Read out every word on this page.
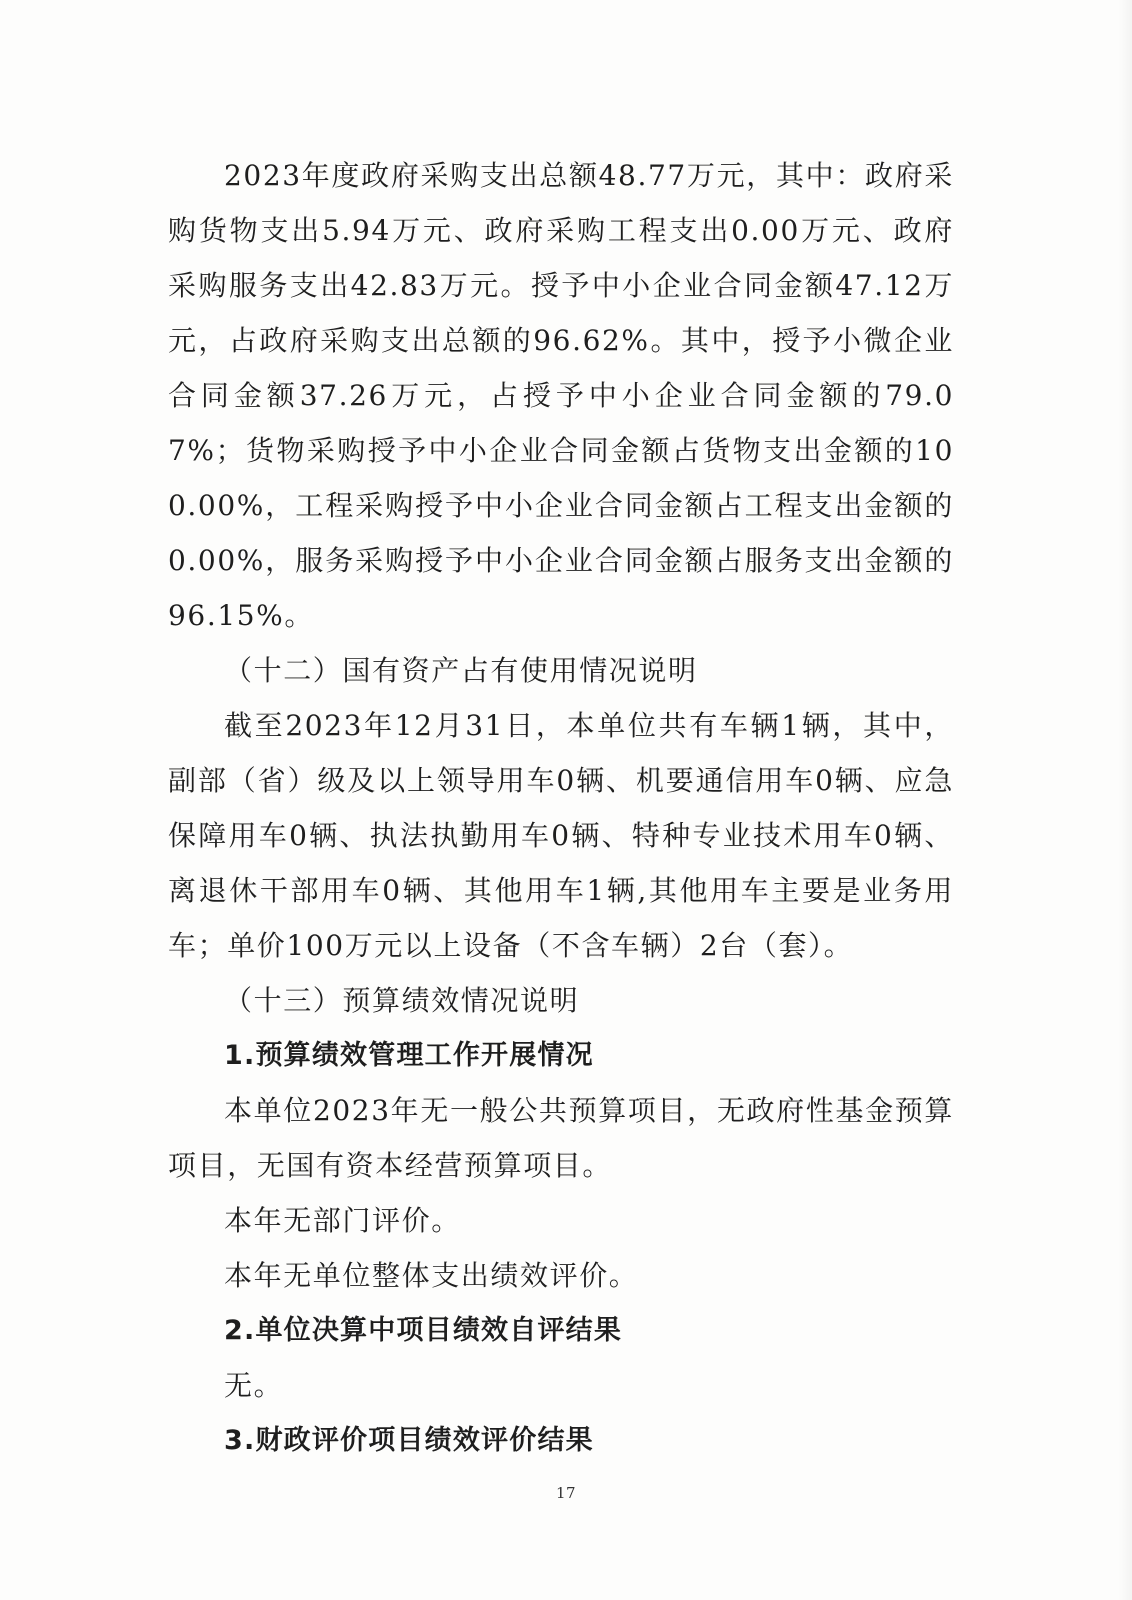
2023年度政府采购支出总额48.77万元，其中：政府采购货物支出5.94万元、政府采购工程支出0.00万元、政府采购服务支出42.83万元。授予中小企业合同金额47.12万元，占政府采购支出总额的96.62%。其中，授予小微企业合同金额37.26万元，占授予中小企业合同金额的79.07%；货物采购授予中小企业合同金额占货物支出金额的100.00%，工程采购授予中小企业合同金额占工程支出金额的0.00%，服务采购授予中小企业合同金额占服务支出金额的96.15%。

（十二）国有资产占有使用情况说明

截至2023年12月31日，本单位共有车辆1辆，其中，副部（省）级及以上领导用车0辆、机要通信用车0辆、应急保障用车0辆、执法执勤用车0辆、特种专业技术用车0辆、离退休干部用车0辆、其他用车1辆,其他用车主要是业务用车；单价100万元以上设备（不含车辆）2台（套）。

（十三）预算绩效情况说明

1.预算绩效管理工作开展情况

本单位2023年无一般公共预算项目，无政府性基金预算项目，无国有资本经营预算项目。

本年无部门评价。

本年无单位整体支出绩效评价。

2.单位决算中项目绩效自评结果

无。

3.财政评价项目绩效评价结果

17
